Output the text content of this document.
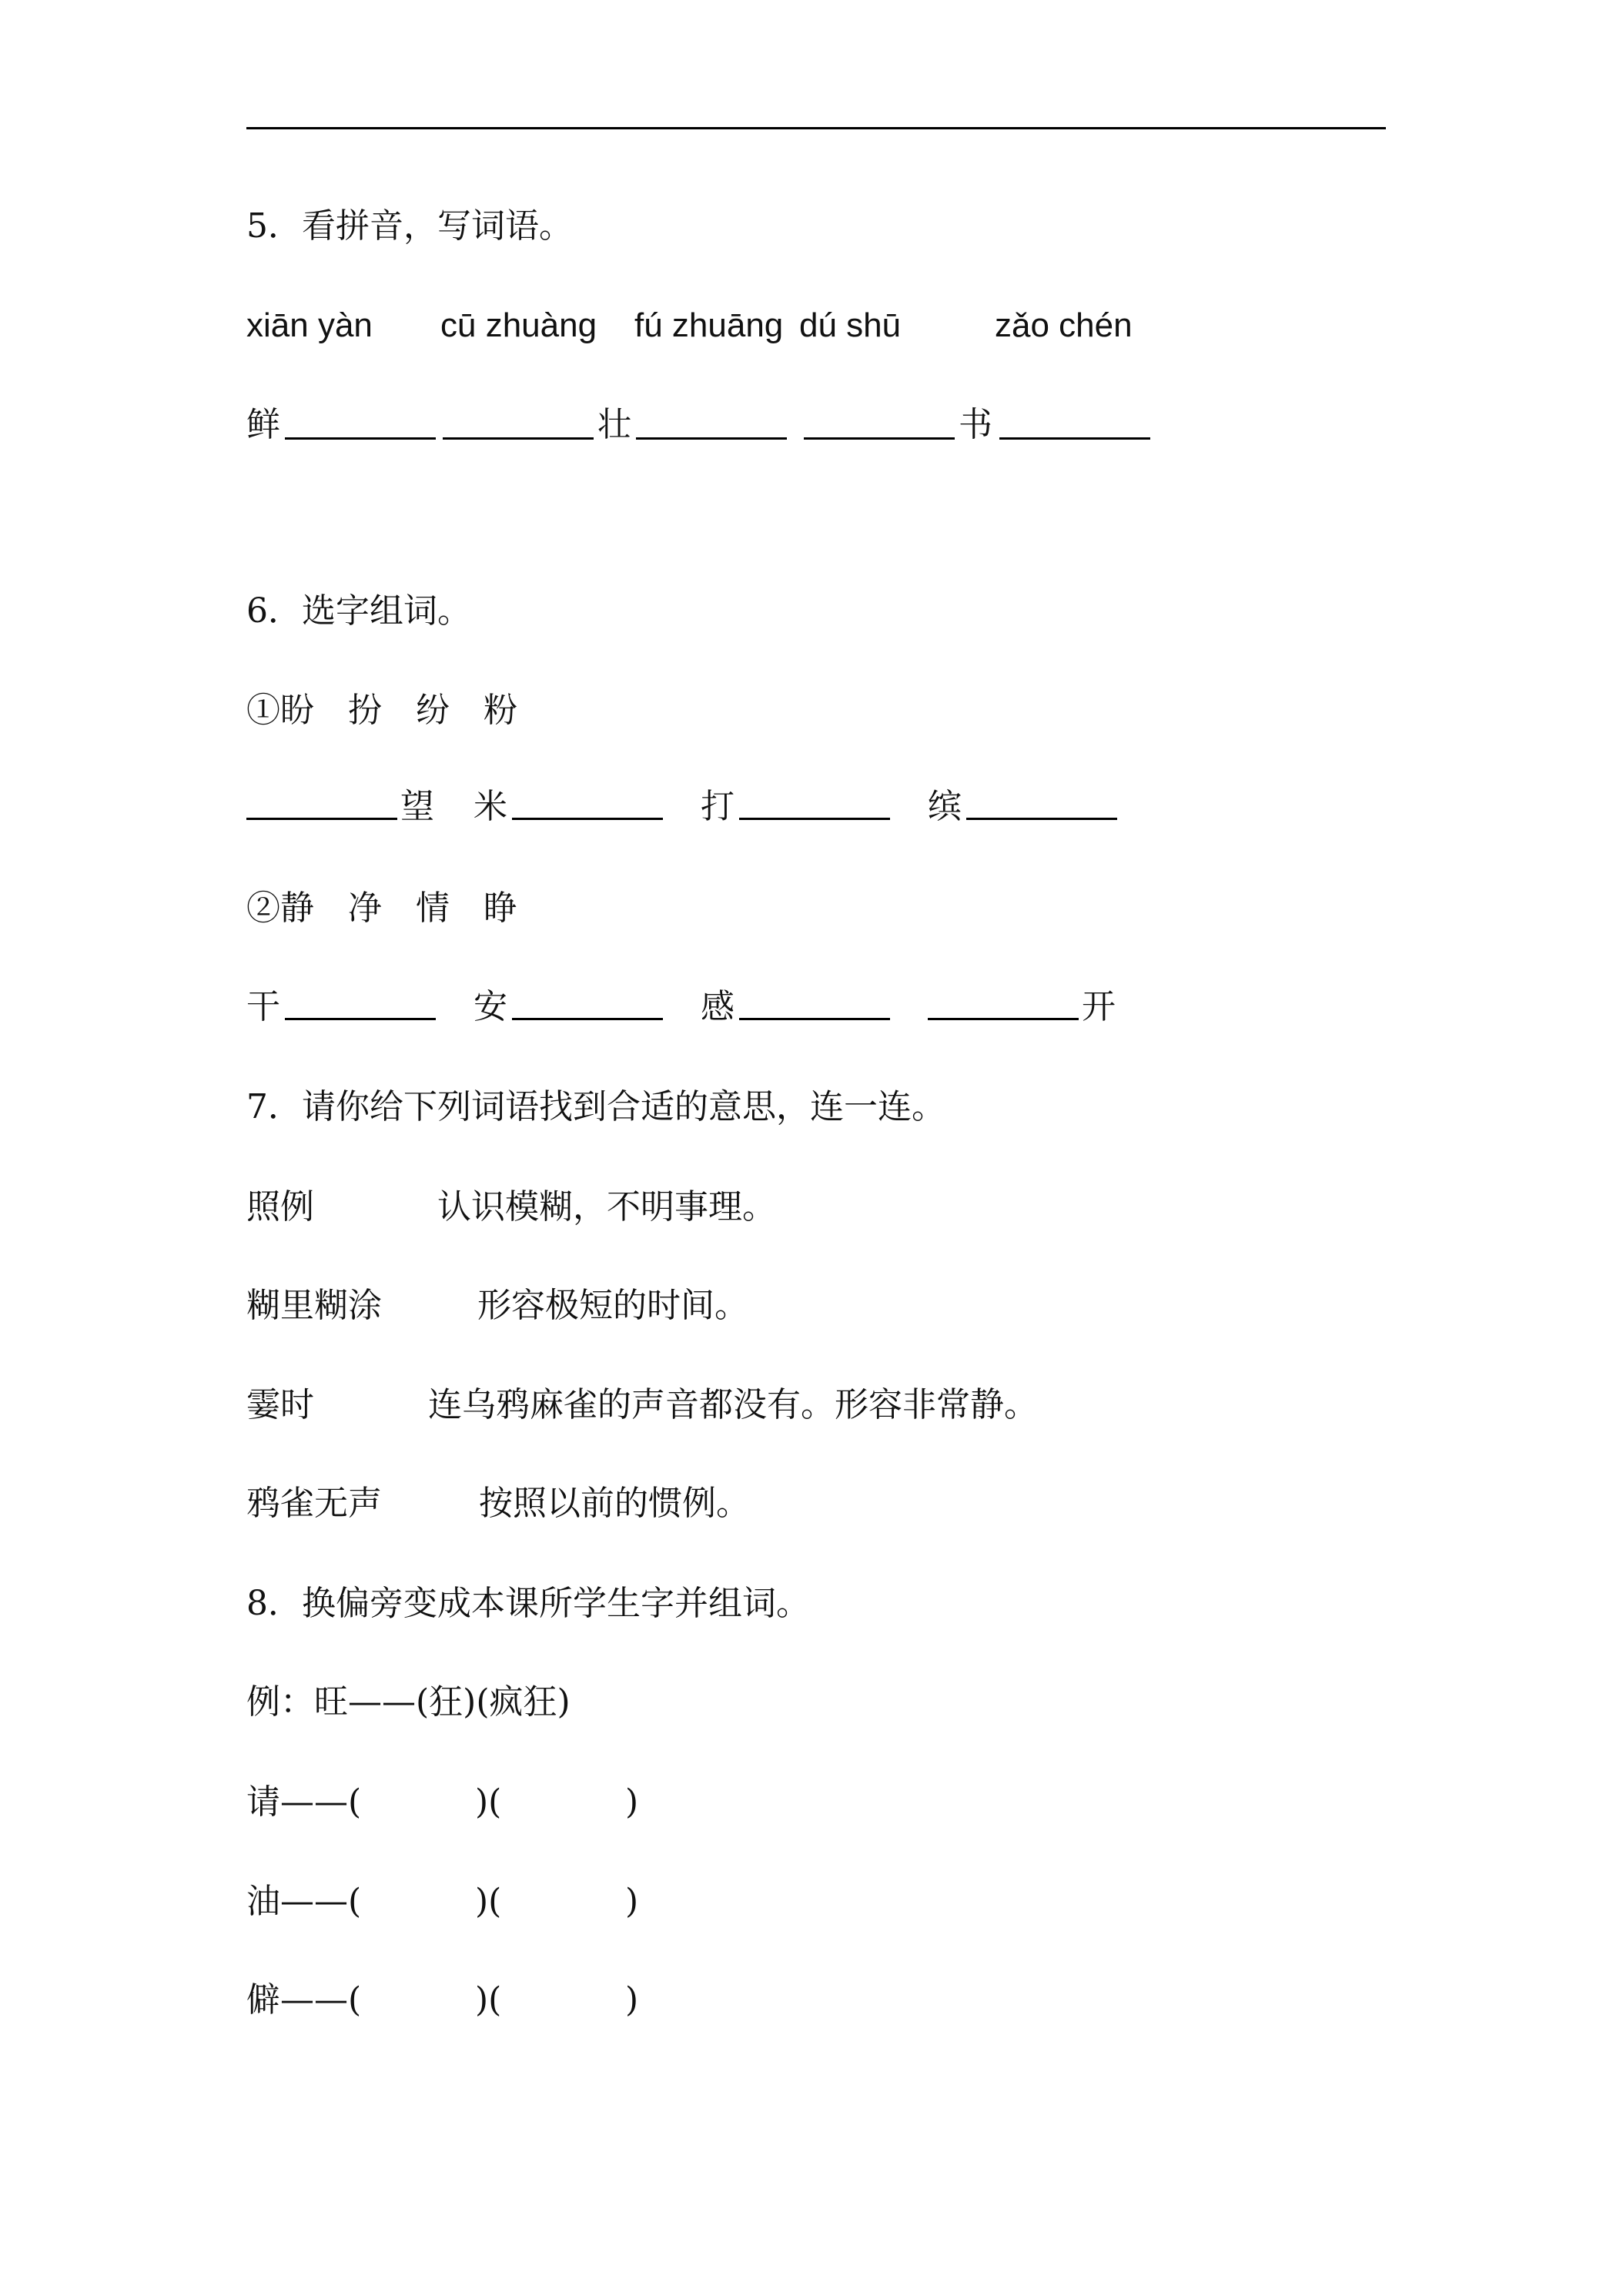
5．看拼音，写词语。
xiān yàn cū zhuàng fú zhuāng dú shū	zǎo chén
鲜	壮	书
6．选字组词。
①盼　扮　纷　粉
望 米	打	缤
②静　净　情　睁
干	安	感	开
7．请你给下列词语找到合适的意思，连一连。
照例	认识模糊，不明事理。
糊里糊涂	形容极短的时间。
霎时	连乌鸦麻雀的声音都没有。形容非常静。
鸦雀无声	按照以前的惯例。
8．换偏旁变成本课所学生字并组词。
例：旺——(狂)(疯狂)
请——(	)(	)
油——(	)(	)
僻——(	)(	)
